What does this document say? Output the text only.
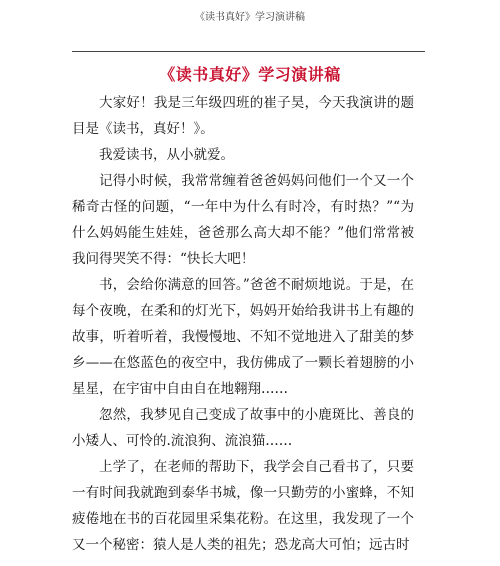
《读书真好》学习演讲稿
《读书真好》学习演讲稿

大家好！我是三年级四班的崔子昊，今天我演讲的题目是《读书，真好！》。

我爱读书，从小就爱。

记得小时候，我常常缠着爸爸妈妈问他们一个又一个稀奇古怪的问题，“一年中为什么有时冷，有时热？”“为什么妈妈能生娃娃，爸爸那么高大却不能？”他们常常被我问得哭笑不得：“快长大吧！

书，会给你满意的回答。”爸爸不耐烦地说。于是，在每个夜晚，在柔和的灯光下，妈妈开始给我讲书上有趣的故事，听着听着，我慢慢地、不知不觉地进入了甜美的梦乡——在悠蓝色的夜空中，我仿佛成了一颗长着翅膀的小星星，在宇宙中自由自在地翱翔……

忽然，我梦见自己变成了故事中的小鹿斑比、善良的小矮人、可怜的.流浪狗、流浪猫……

上学了，在老师的帮助下，我学会自己看书了，只要一有时间我就跑到泰华书城，像一只勤劳的小蜜蜂，不知疲倦地在书的百花园里采集花粉。在这里，我发现了一个又一个秘密：猿人是人类的祖先；恐龙高大可怕；远古时
